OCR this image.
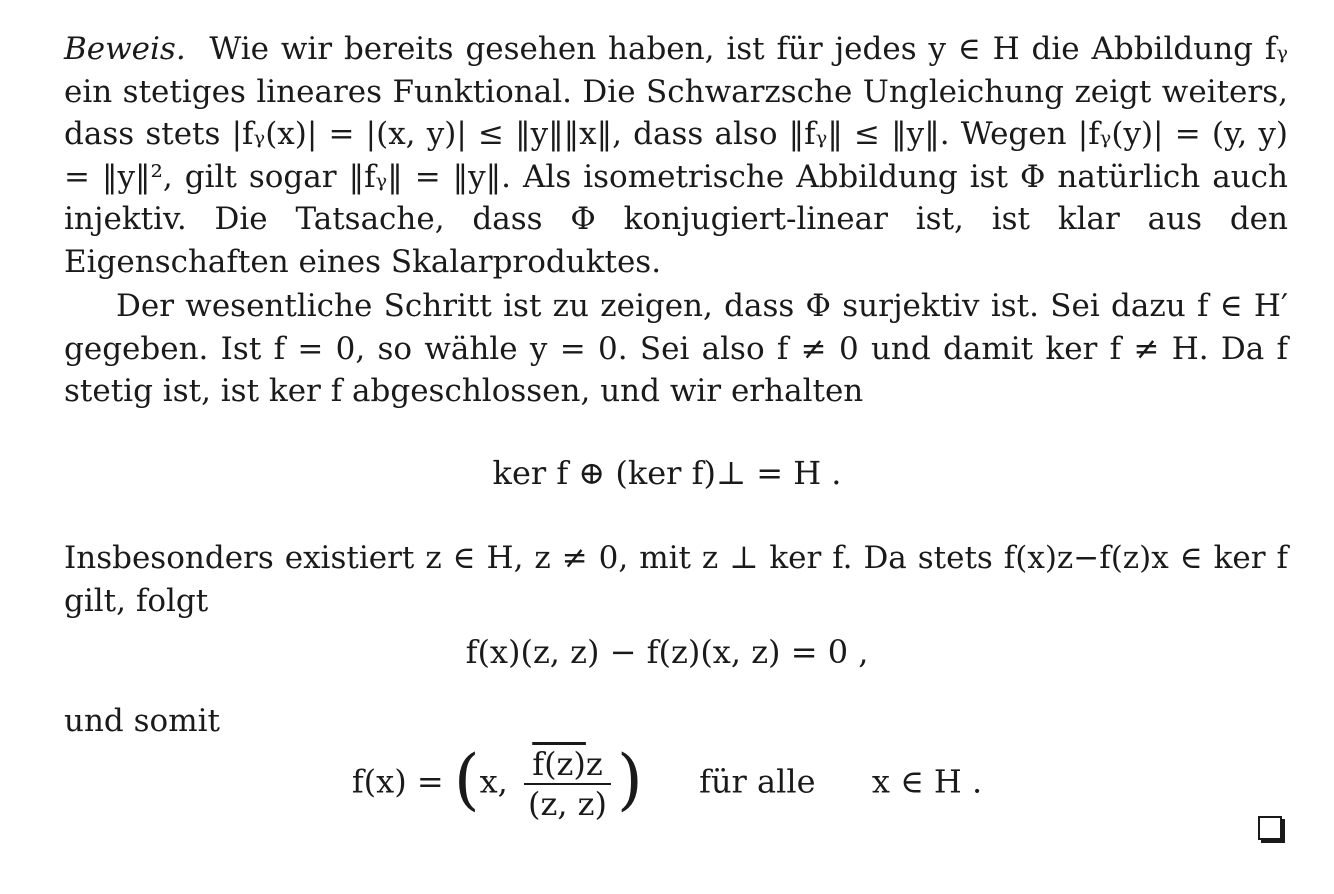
Beweis. Wie wir bereits gesehen haben, ist für jedes y ∈ H die Abbildung fᵧ ein stetiges lineares Funktional. Die Schwarzsche Ungleichung zeigt weiters, dass stets |fᵧ(x)| = |(x, y)| ≤ ‖y‖‖x‖, dass also ‖fᵧ‖ ≤ ‖y‖. Wegen |fᵧ(y)| = (y, y) = ‖y‖², gilt sogar ‖fᵧ‖ = ‖y‖. Als isometrische Abbildung ist Φ natürlich auch injektiv. Die Tatsache, dass Φ konjugiert-linear ist, ist klar aus den Eigenschaften eines Skalarproduktes.

Der wesentliche Schritt ist zu zeigen, dass Φ surjektiv ist. Sei dazu f ∈ H′ gegeben. Ist f = 0, so wähle y = 0. Sei also f ≠ 0 und damit ker f ≠ H. Da f stetig ist, ist ker f abgeschlossen, und wir erhalten

ker f ⊕ (ker f)⊥ = H .

Insbesonders existiert z ∈ H, z ≠ 0, mit z ⊥ ker f. Da stets f(x)z−f(z)x ∈ ker f gilt, folgt

f(x)(z, z) − f(z)(x, z) = 0 ,

und somit

f(x) = (x, $\frac{f(z)z}{(z, z)}$ ) für alle x ∈ H .
